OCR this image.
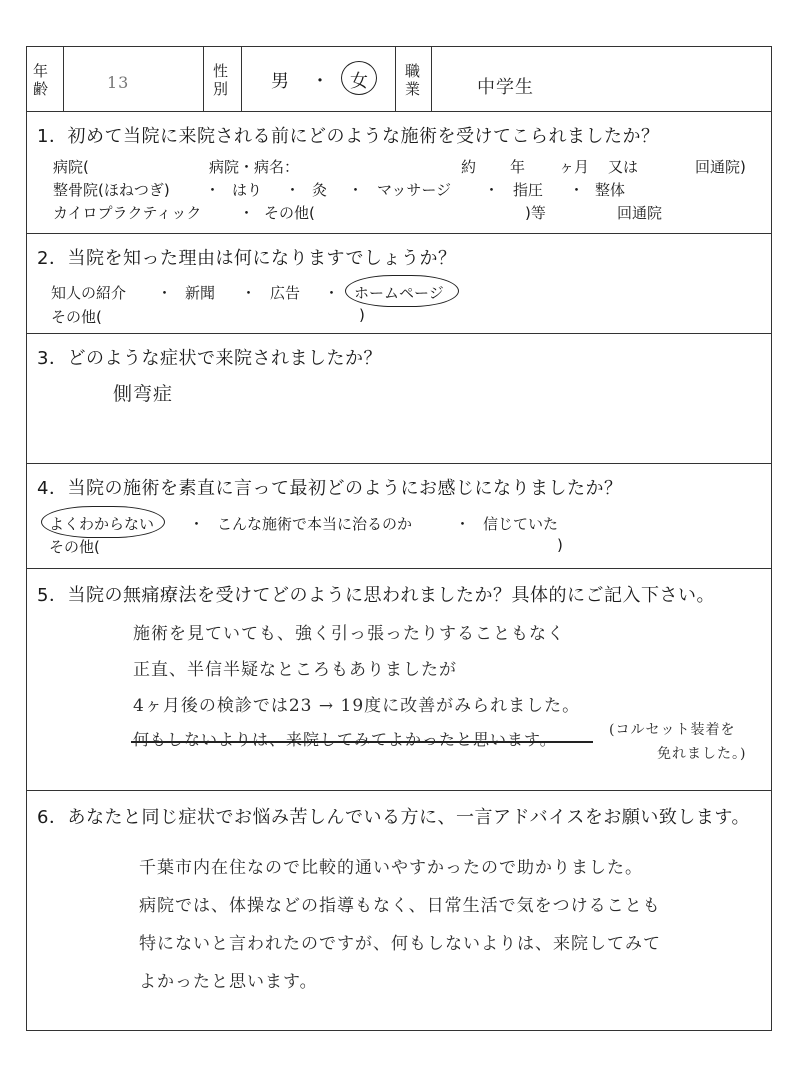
年齢	13
性別	男 ・ 女
職業	中学生
1．初めて当院に来院される前にどのような施術を受けてこられましたか？
病院(	病院・病名：	約 年 ヶ月 又は	回通院)
整骨院(ほねつぎ) ・ はり ・ 灸 ・ マッサージ ・ 指圧 ・ 整体
カイロプラクティック	・ その他(	)等	回通院
2．当院を知った理由は何になりますでしょうか？
知人の紹介 ・ 新聞 ・ 広告 ・ ホームページ
その他(	)
3．どのような症状で来院されましたか？
側弯症
4．当院の施術を素直に言って最初どのようにお感じになりましたか？
よくわからない ・ こんな施術で本当に治るのか	・ 信じていた
その他(	)
5．当院の無痛療法を受けてどのように思われましたか？具体的にご記入下さい。
施術を見ていても、強く引っ張ったりすることもなく
正直、半信半疑なところもありましたが
4ヶ月後の検診では23 → 19度に改善がみられました。
何もしないよりは、来院してみてよかったと思います。	(コルセット装着を
免れました。)
6．あなたと同じ症状でお悩み苦しんでいる方に、一言アドバイスをお願い致します。
千葉市内在住なので比較的通いやすかったので助かりました。
病院では、体操などの指導もなく、日常生活で気をつけることも
特にないと言われたのですが、何もしないよりは、来院してみて
よかったと思います。
